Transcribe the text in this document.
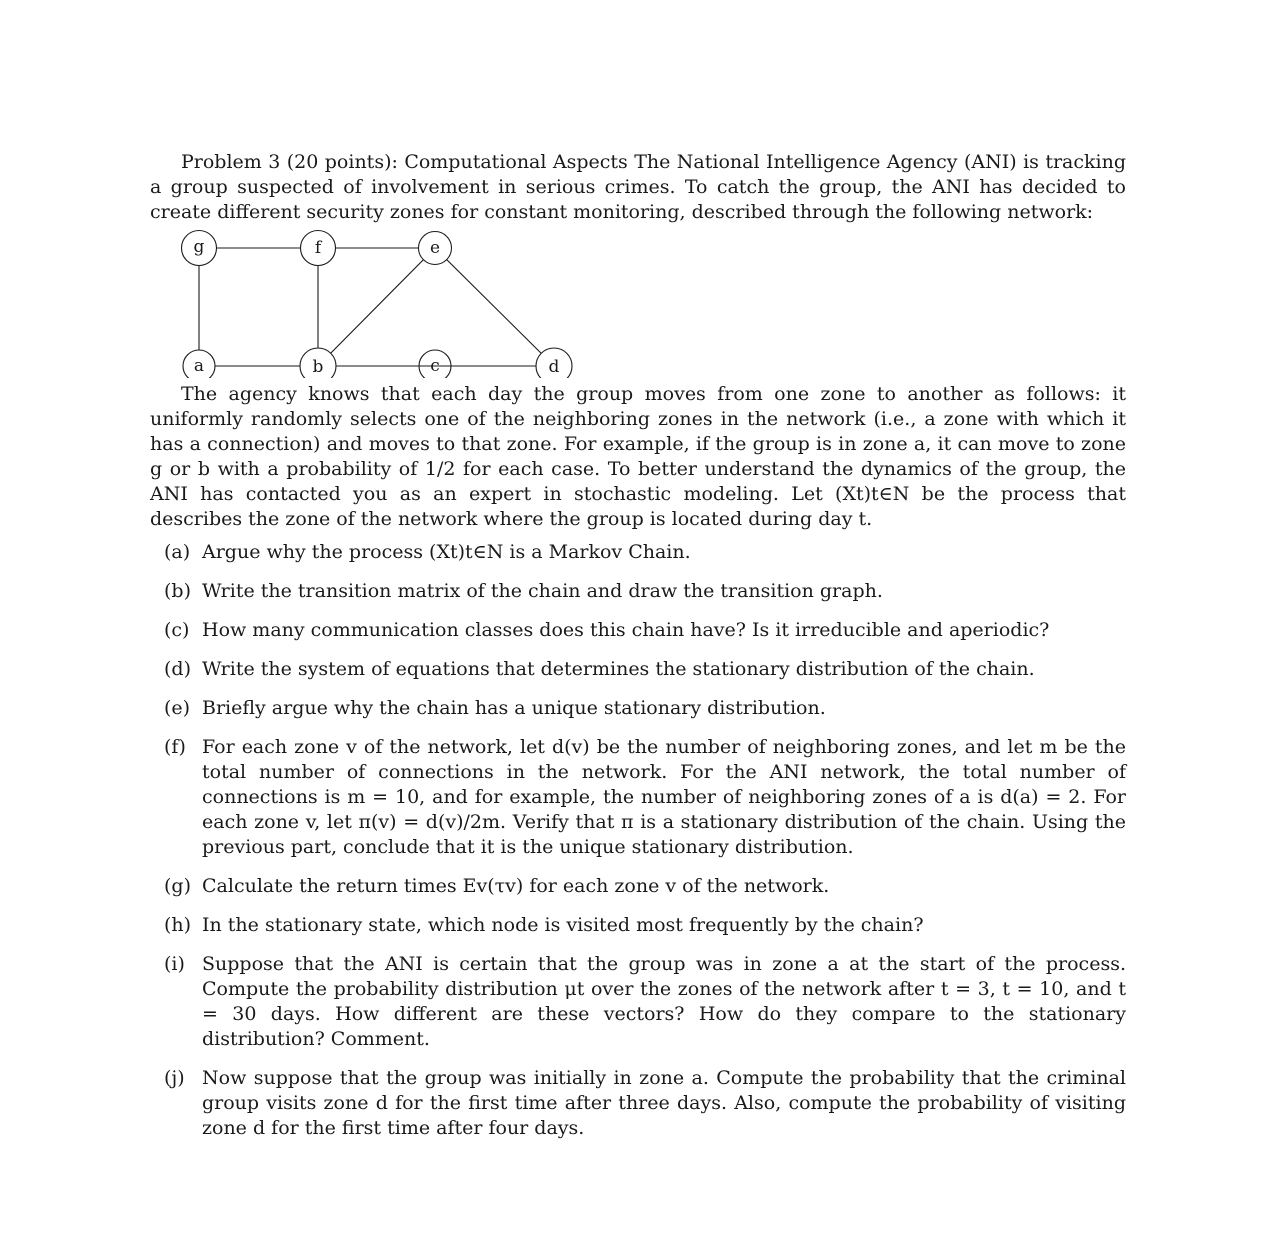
Problem 3 (20 points): Computational Aspects The National Intelligence Agency (ANI) is tracking a group suspected of involvement in serious crimes. To catch the group, the ANI has decided to create different security zones for constant monitoring, described through the following network:

g	f	e
a	b	c	d

The agency knows that each day the group moves from one zone to another as follows: it uniformly randomly selects one of the neighboring zones in the network (i.e., a zone with which it has a connection) and moves to that zone. For example, if the group is in zone a, it can move to zone g or b with a probability of 1/2 for each case. To better understand the dynamics of the group, the ANI has contacted you as an expert in stochastic modeling. Let (Xt)t∈N be the process that describes the zone of the network where the group is located during day t.

(a) Argue why the process (Xt)t∈N is a Markov Chain.
(b) Write the transition matrix of the chain and draw the transition graph.
(c) How many communication classes does this chain have? Is it irreducible and aperiodic?
(d) Write the system of equations that determines the stationary distribution of the chain.
(e) Briefly argue why the chain has a unique stationary distribution.
(f) For each zone v of the network, let d(v) be the number of neighboring zones, and let m be the total number of connections in the network. For the ANI network, the total number of connections is m = 10, and for example, the number of neighboring zones of a is d(a) = 2. For each zone v, let π(v) = d(v)/2m. Verify that π is a stationary distribution of the chain. Using the previous part, conclude that it is the unique stationary distribution.
(g) Calculate the return times Ev(τv) for each zone v of the network.
(h) In the stationary state, which node is visited most frequently by the chain?
(i) Suppose that the ANI is certain that the group was in zone a at the start of the process. Compute the probability distribution μt over the zones of the network after t = 3, t = 10, and t = 30 days. How different are these vectors? How do they compare to the stationary distribution? Comment.
(j) Now suppose that the group was initially in zone a. Compute the probability that the criminal group visits zone d for the first time after three days. Also, compute the probability of visiting zone d for the first time after four days.
